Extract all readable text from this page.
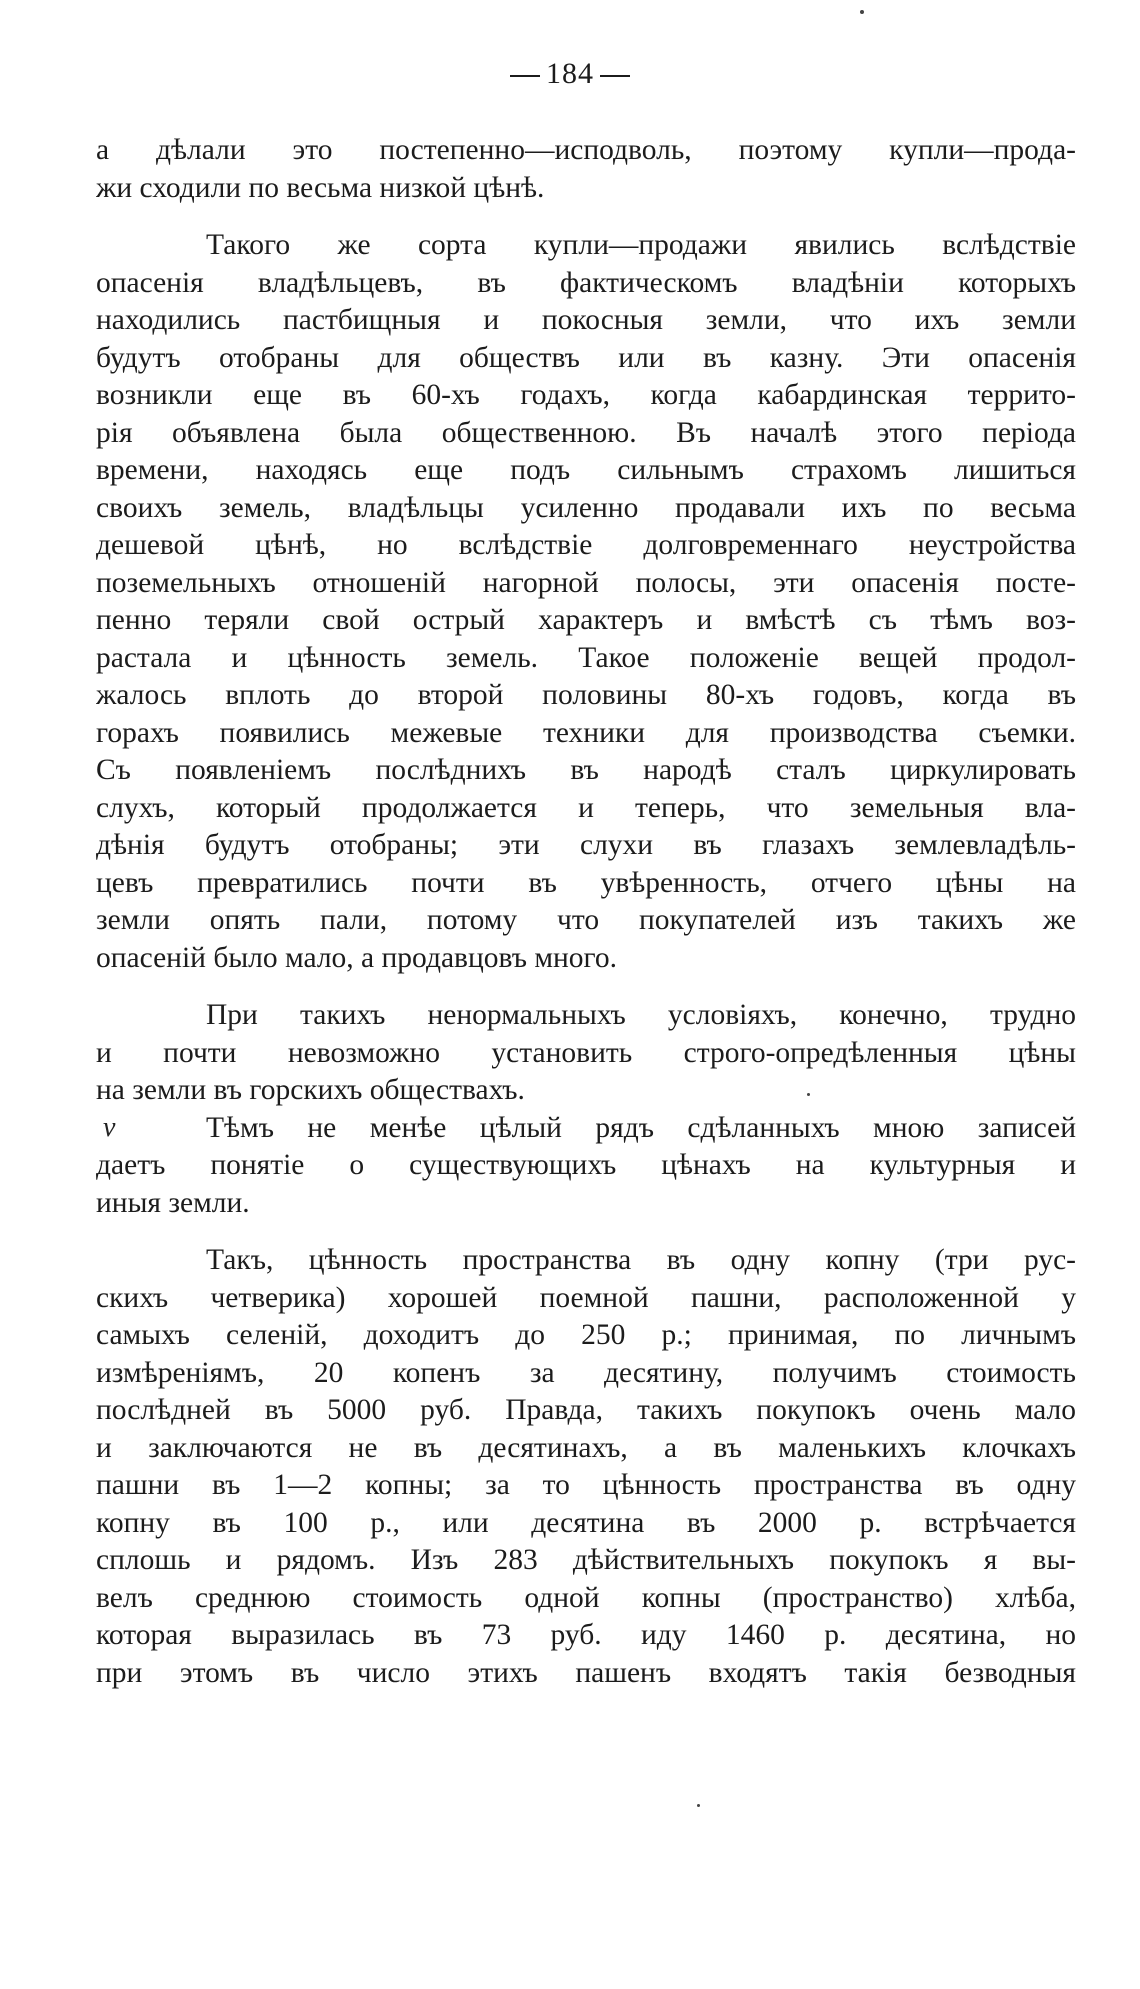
184
ν
а дѣлали это постепенно—исподволь, поэтому купли—прода-
жи сходили по весьма низкой цѣнѣ.
Такого же сорта купли—продажи явились вслѣдствіе
опасенія владѣльцевъ, въ фактическомъ владѣніи которыхъ
находились пастбищныя и покосныя земли, что ихъ земли
будутъ отобраны для обществъ или въ казну. Эти опасенія
возникли еще въ 60-хъ годахъ, когда кабардинская террито-
рія объявлена была общественною. Въ началѣ этого періода
времени, находясь еще подъ сильнымъ страхомъ лишиться
своихъ земель, владѣльцы усиленно продавали ихъ по весьма
дешевой цѣнѣ, но вслѣдствіе долговременнаго неустройства
поземельныхъ отношеній нагорной полосы, эти опасенія посте-
пенно теряли свой острый характеръ и вмѣстѣ съ тѣмъ воз-
растала и цѣнность земель. Такое положеніе вещей продол-
жалось вплоть до второй половины 80-хъ годовъ, когда въ
горахъ появились межевые техники для производства съемки.
Съ появленіемъ послѣднихъ въ народѣ сталъ циркулировать
слухъ, который продолжается и теперь, что земельныя вла-
дѣнія будутъ отобраны; эти слухи въ глазахъ землевладѣль-
цевъ превратились почти въ увѣренность, отчего цѣны на
земли опять пали, потому что покупателей изъ такихъ же
опасеній было мало, а продавцовъ много.
При такихъ ненормальныхъ условіяхъ, конечно, трудно
и почти невозможно установить строго-опредѣленныя цѣны
на земли въ горскихъ обществахъ.
Тѣмъ не менѣе цѣлый рядъ сдѣланныхъ мною записей
даетъ понятіе о существующихъ цѣнахъ на культурныя и
иныя земли.
Такъ, цѣнность пространства въ одну копну (три рус-
скихъ четверика) хорошей поемной пашни, расположенной у
самыхъ селеній, доходитъ до 250 р.; принимая, по личнымъ
измѣреніямъ, 20 копенъ за десятину, получимъ стоимость
послѣдней въ 5000 руб. Правда, такихъ покупокъ очень мало
и заключаются не въ десятинахъ, а въ маленькихъ клочкахъ
пашни въ 1—2 копны; за то цѣнность пространства въ одну
копну въ 100 р., или десятина въ 2000 р. встрѣчается
сплошь и рядомъ. Изъ 283 дѣйствительныхъ покупокъ я вы-
велъ среднюю стоимость одной копны (пространство) хлѣба,
которая выразилась въ 73 руб. иду 1460 р. десятина, но
при этомъ въ число этихъ пашенъ входятъ такія безводныя
